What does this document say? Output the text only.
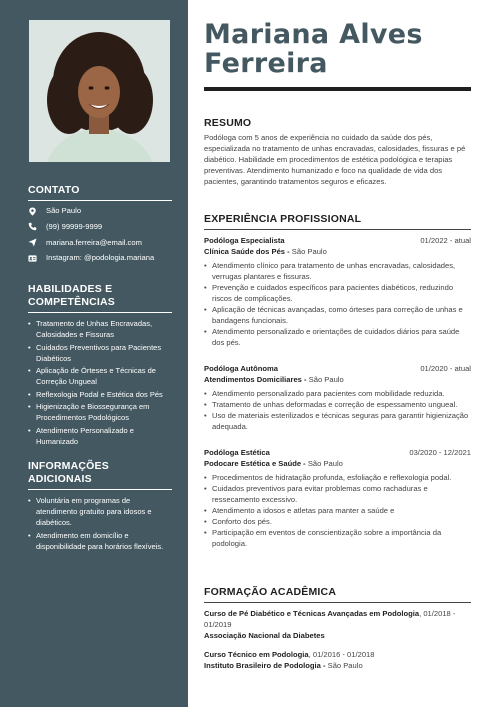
CONTATO
São Paulo
(99) 99999-9999
mariana.ferreira@email.com
Instagram: @podologia.mariana
HABILIDADES E
COMPETÊNCIAS
• Tratamento de Unhas Encravadas, Calosidades e Fissuras
• Cuidados Preventivos para Pacientes Diabéticos
• Aplicação de Órteses e Técnicas de Correção Ungueal
• Reflexologia Podal e Estética dos Pés
• Higienização e Biossegurança em Procedimentos Podológicos
• Atendimento Personalizado e Humanizado
INFORMAÇÕES ADICIONAIS
• Voluntária em programas de atendimento gratuito para idosos e diabéticos.
• Atendimento em domicílio e disponibilidade para horários flexíveis.
Mariana Alves
Ferreira
RESUMO
Podóloga com 5 anos de experiência no cuidado da saúde dos pés, especializada no tratamento de unhas encravadas, calosidades, fissuras e pé diabético. Habilidade em procedimentos de estética podológica e terapias preventivas. Atendimento humanizado e foco na qualidade de vida dos pacientes, garantindo tratamentos seguros e eficazes.
EXPERIÊNCIA PROFISSIONAL
Podóloga Especialista	01/2022 - atual
Clínica Saúde dos Pés - São Paulo
• Atendimento clínico para tratamento de unhas encravadas, calosidades, verrugas plantares e fissuras.
• Prevenção e cuidados específicos para pacientes diabéticos, reduzindo riscos de complicações.
• Aplicação de técnicas avançadas, como órteses para correção de unhas e bandagens funcionais.
• Atendimento personalizado e orientações de cuidados diários para saúde dos pés.
Podóloga Autônoma	01/2020 - atual
Atendimentos Domiciliares - São Paulo
• Atendimento personalizado para pacientes com mobilidade reduzida.
• Tratamento de unhas deformadas e correção de espessamento ungueal.
• Uso de materiais esterilizados e técnicas seguras para garantir higienização adequada.
Podóloga Estética	03/2020 - 12/2021
Podocare Estética e Saúde - São Paulo
• Procedimentos de hidratação profunda, esfoliação e reflexologia podal.
• Cuidados preventivos para evitar problemas como rachaduras e ressecamento excessivo.
• Atendimento a idosos e atletas para manter a saúde e
• Conforto dos pés.
• Participação em eventos de conscientização sobre a importância da podologia.
FORMAÇÃO ACADÊMICA
Curso de Pé Diabético e Técnicas Avançadas em Podologia, 01/2018 - 01/2019
Associação Nacional da Diabetes
Curso Técnico em Podologia, 01/2016 - 01/2018
Instituto Brasileiro de Podologia - São Paulo
